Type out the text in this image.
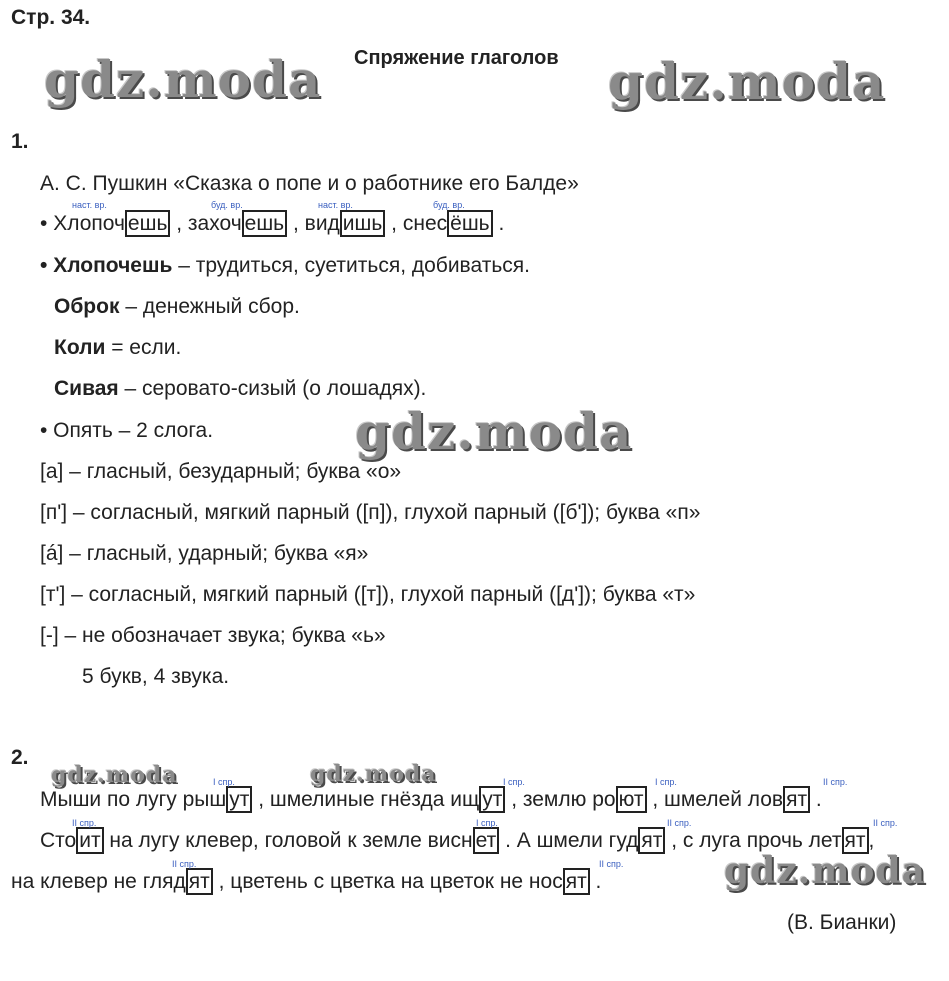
Стр. 34.
Спряжение глаголов
gdz.moda	gdz.moda
gdz.moda
gdz.moda	gdz.moda
gdz.moda
1.
А. С. Пушкин «Сказка о попе и о работнике его Балде»
• Хлопоч ешь , захоч ешь , вид ишь , снес ёшь .
наст. вр.	буд. вр.	наст. вр.	буд. вр.
• Хлопочешь – трудиться, суетиться, добиваться.
Оброк – денежный сбор.
Коли = если.
Сивая – серовато-сизый (о лошадях).
• Опять – 2 слога.
[а] – гласный, безударный; буква «о»
[п'] – согласный, мягкий парный ([п]), глухой парный ([б']); буква «п»
[á] – гласный, ударный; буква «я»
[т'] – согласный, мягкий парный ([т]), глухой парный ([д']); буква «т»
[-] – не обозначает звука; буква «ь»
5 букв, 4 звука.
2.
Мыши по лугу рыш ут , шмелиные гнёзда ищ ут , землю ро ют , шмелей лов ят .
I спр.	I спр.	I спр.	II спр.
Сто ит на лугу клевер, головой к земле висн ет . А шмели гуд ят , с луга прочь лет ят ,
II спр.	I спр.	II спр.	II спр.
на клевер не гляд ят , цветень с цветка на цветок не нос ят .
II спр.	II спр.
(В. Бианки)
